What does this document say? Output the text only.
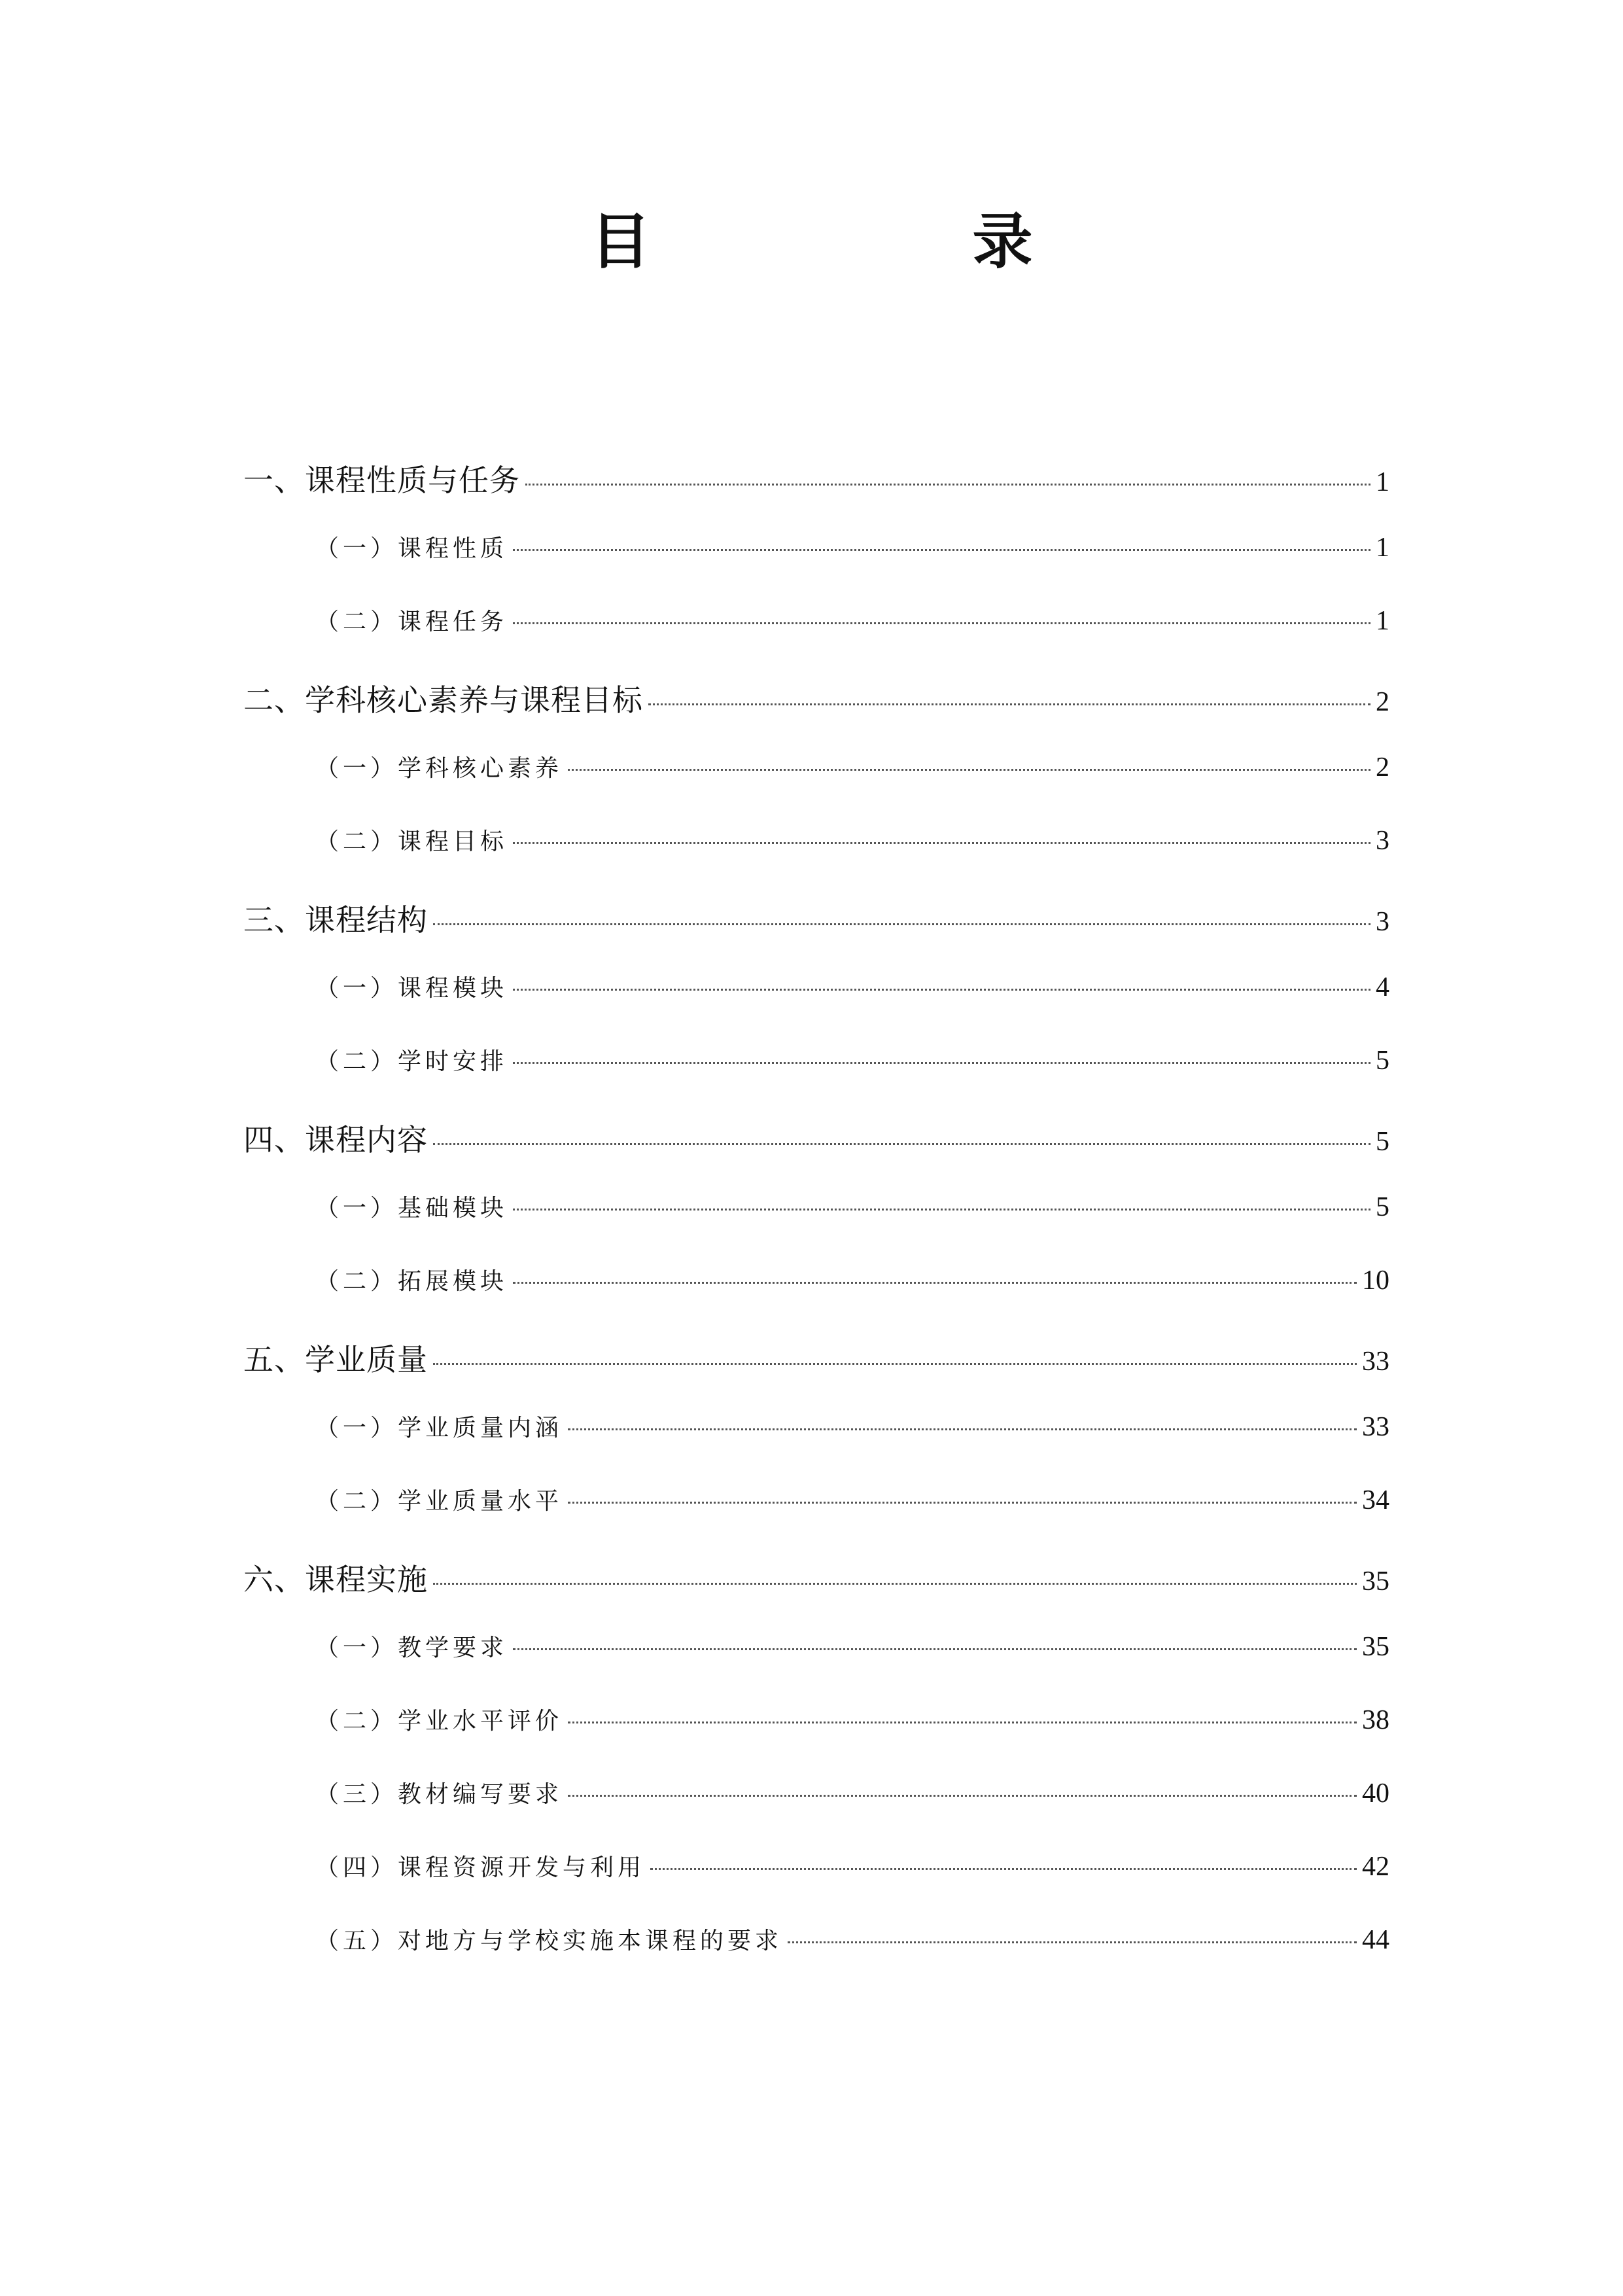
目 录
一、课程性质与任务	1
（一）课程性质	1
（二）课程任务	1
二、学科核心素养与课程目标	2
（一）学科核心素养	2
（二）课程目标	3
三、课程结构	3
（一）课程模块	4
（二）学时安排	5
四、课程内容	5
（一）基础模块	5
（二）拓展模块	10
五、学业质量	33
（一）学业质量内涵	33
（二）学业质量水平	34
六、课程实施	35
（一）教学要求	35
（二）学业水平评价	38
（三）教材编写要求	40
（四）课程资源开发与利用	42
（五）对地方与学校实施本课程的要求	44
